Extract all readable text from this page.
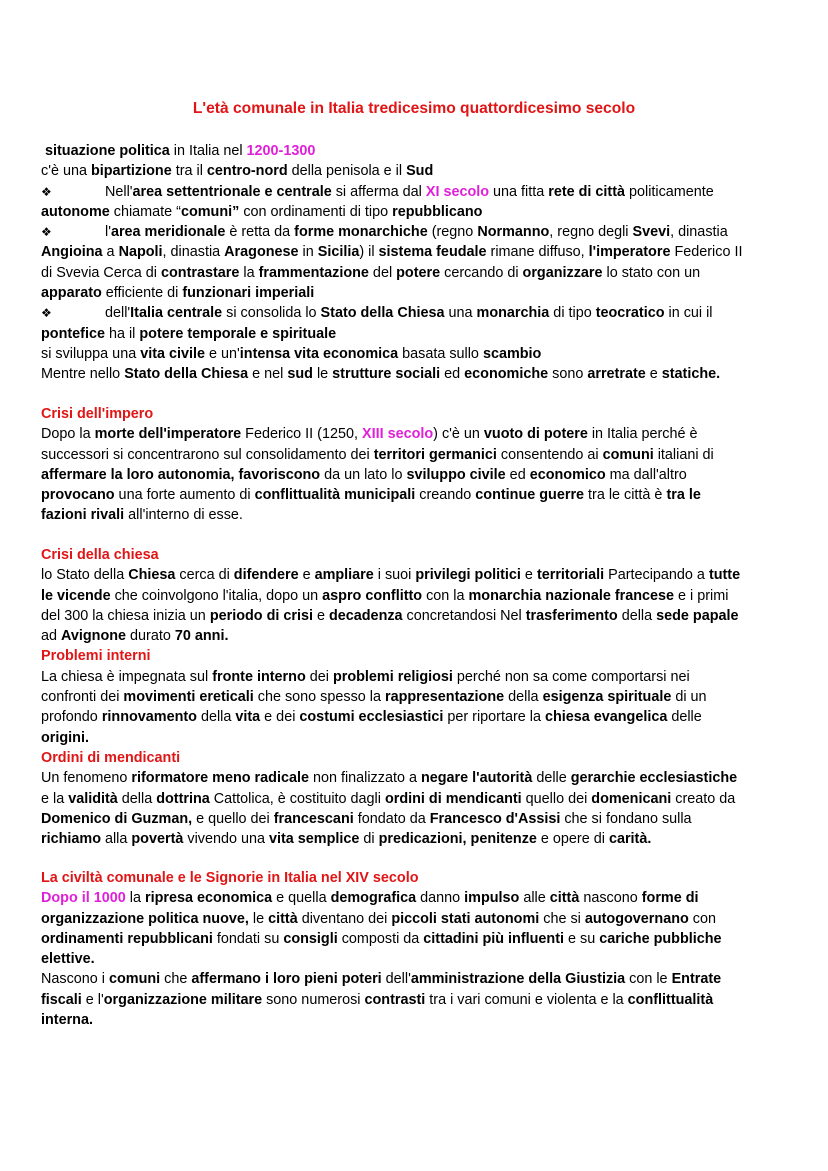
L'età comunale in Italia tredicesimo quattordicesimo secolo

situazione politica in Italia nel 1200-1300

c'è una bipartizione tra il centro-nord della penisola e il Sud

❖	Nell'area settentrionale e centrale si afferma dal XI secolo una fitta rete di città politicamente

autonome chiamate “comuni” con ordinamenti di tipo repubblicano

❖	l'area meridionale è retta da forme monarchiche (regno Normanno, regno degli Svevi, dinastia

Angioina a Napoli, dinastia Aragonese in Sicilia) il sistema feudale rimane diffuso, l'imperatore Federico II

di Svevia Cerca di contrastare la frammentazione del potere cercando di organizzare lo stato con un

apparato efficiente di funzionari imperiali

❖	dell'Italia centrale si consolida lo Stato della Chiesa una monarchia di tipo teocratico in cui il

pontefice ha il potere temporale e spirituale

si sviluppa una vita civile e un'intensa vita economica basata sullo scambio

Mentre nello Stato della Chiesa e nel sud le strutture sociali ed economiche sono arretrate e statiche.

Crisi dell'impero

Dopo la morte dell'imperatore Federico II (1250, XIII secolo) c'è un vuoto di potere in Italia perché è

successori si concentrarono sul consolidamento dei territori germanici consentendo ai comuni italiani di

affermare la loro autonomia, favoriscono da un lato lo sviluppo civile ed economico ma dall'altro

provocano una forte aumento di conflittualità municipali creando continue guerre tra le città è tra le

fazioni rivali all'interno di esse.

Crisi della chiesa

lo Stato della Chiesa cerca di difendere e ampliare i suoi privilegi politici e territoriali Partecipando a tutte

le vicende che coinvolgono l'italia, dopo un aspro conflitto con la monarchia nazionale francese e i primi

del 300 la chiesa inizia un periodo di crisi e decadenza concretandosi Nel trasferimento della sede papale

ad Avignone durato 70 anni.

Problemi interni

La chiesa è impegnata sul fronte interno dei problemi religiosi perché non sa come comportarsi nei

confronti dei movimenti ereticali che sono spesso la rappresentazione della esigenza spirituale di un

profondo rinnovamento della vita e dei costumi ecclesiastici per riportare la chiesa evangelica delle

origini.

Ordini di mendicanti

Un fenomeno riformatore meno radicale non finalizzato a negare l'autorità delle gerarchie ecclesiastiche

e la validità della dottrina Cattolica, è costituito dagli ordini di mendicanti quello dei domenicani creato da

Domenico di Guzman, e quello dei francescani fondato da Francesco d'Assisi che si fondano sulla

richiamo alla povertà vivendo una vita semplice di predicazioni, penitenze e opere di carità.

La civiltà comunale e le Signorie in Italia nel XIV secolo

Dopo il 1000 la ripresa economica e quella demografica danno impulso alle città nascono forme di

organizzazione politica nuove, le città diventano dei piccoli stati autonomi che si autogovernano con

ordinamenti repubblicani fondati su consigli composti da cittadini più influenti e su cariche pubbliche

elettive.

Nascono i comuni che affermano i loro pieni poteri dell'amministrazione della Giustizia con le Entrate

fiscali e l'organizzazione militare sono numerosi contrasti tra i vari comuni e violenta e la conflittualità

interna.
